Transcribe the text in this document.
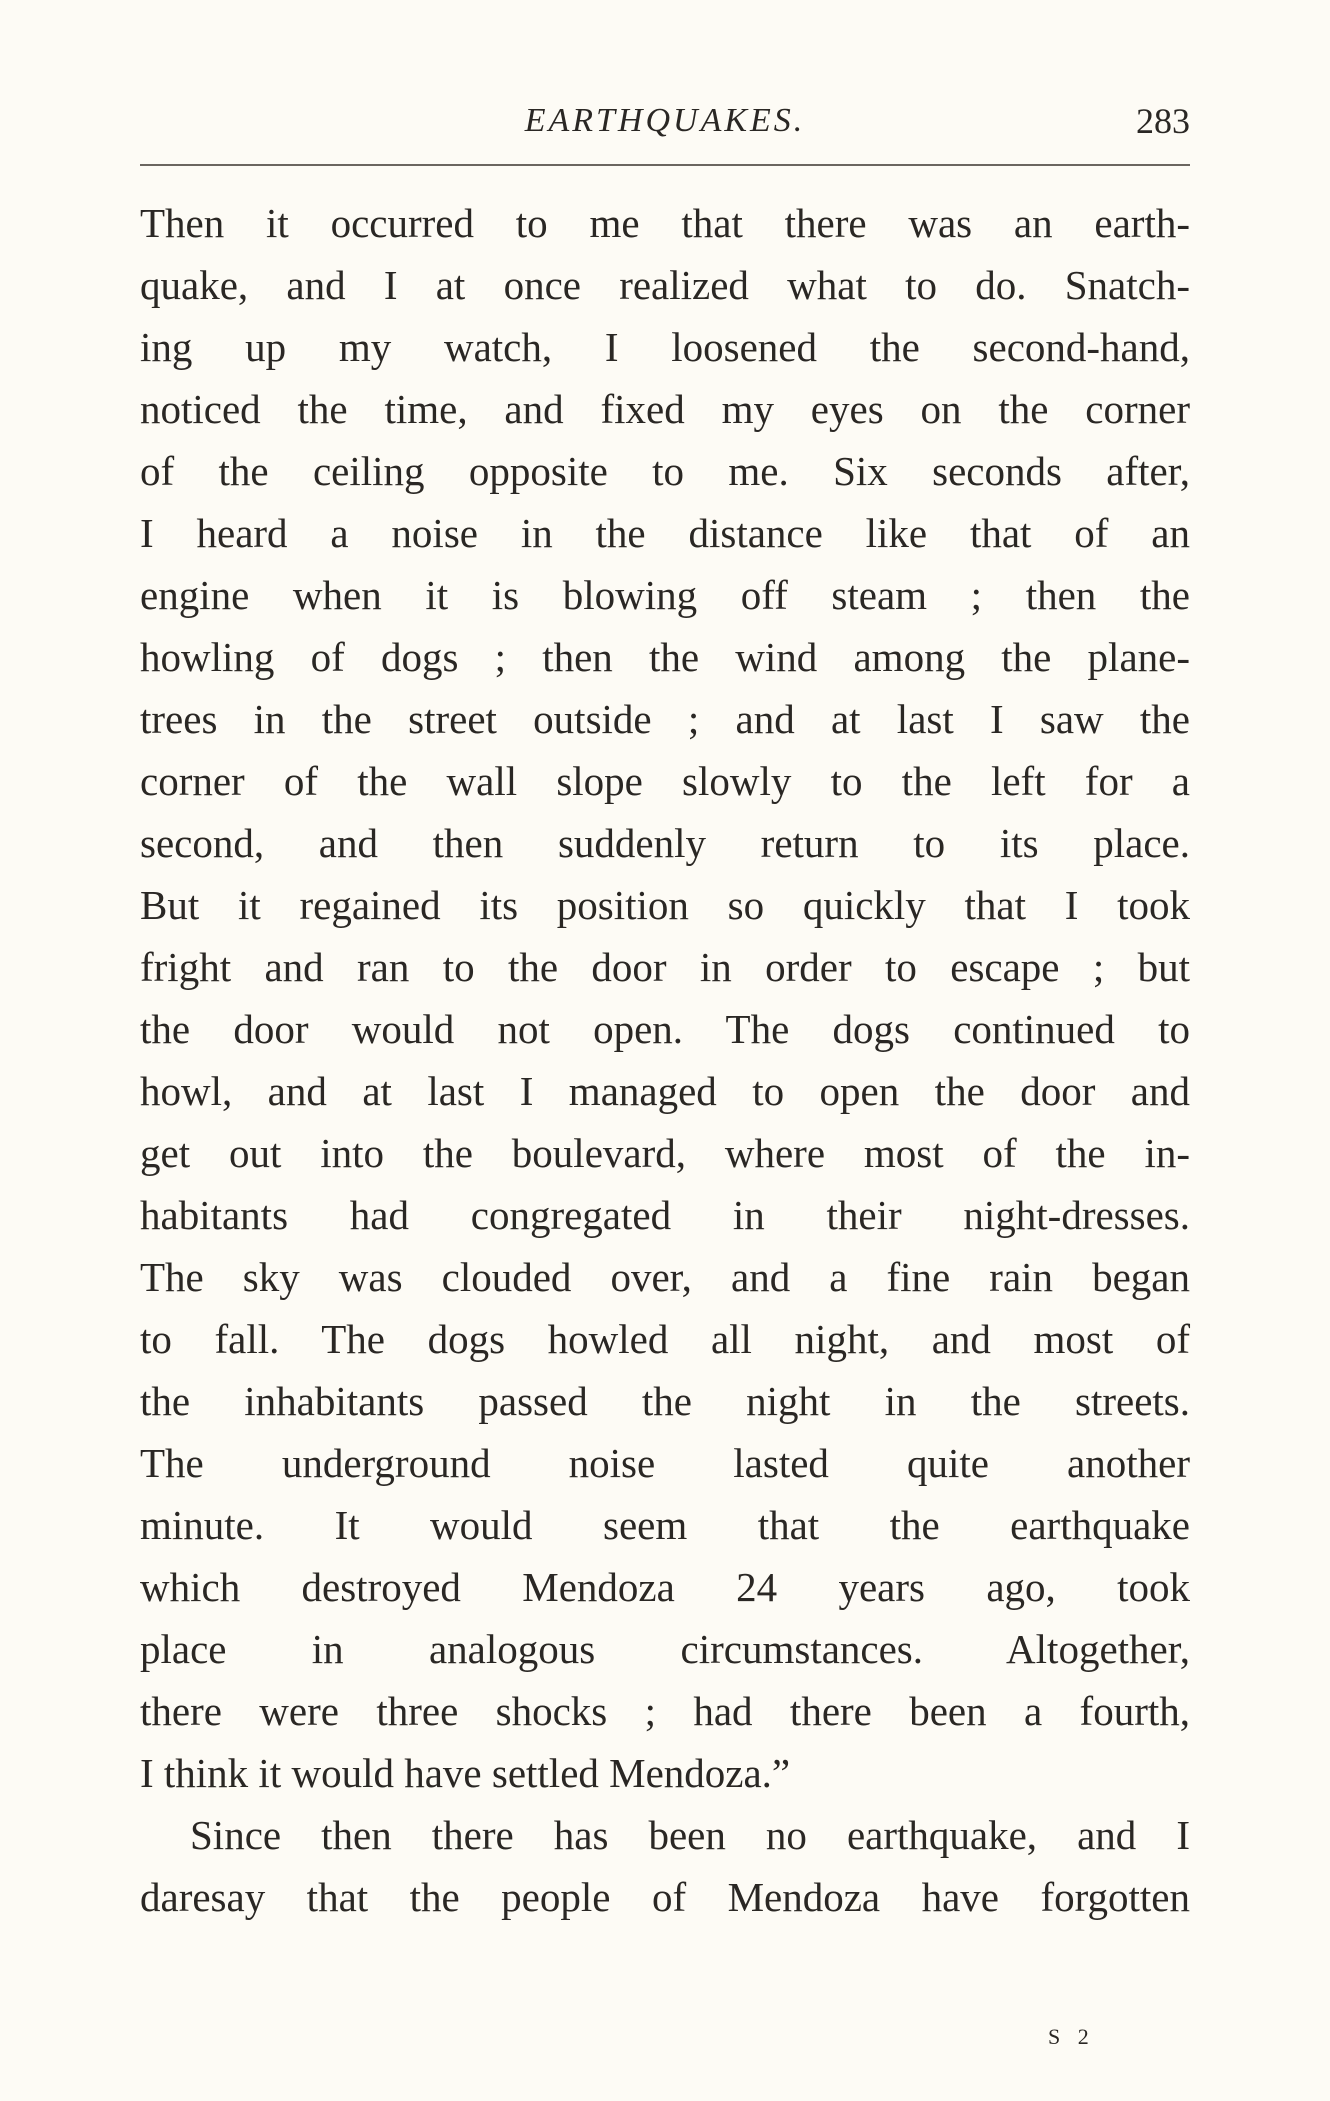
EARTHQUAKES.	283
Then it occurred to me that there was an earth-
quake, and I at once realized what to do. Snatch-
ing up my watch, I loosened the second-hand,
noticed the time, and fixed my eyes on the corner
of the ceiling opposite to me. Six seconds after,
I heard a noise in the distance like that of an
engine when it is blowing off steam ; then the
howling of dogs ; then the wind among the plane-
trees in the street outside ; and at last I saw the
corner of the wall slope slowly to the left for a
second, and then suddenly return to its place.
But it regained its position so quickly that I took
fright and ran to the door in order to escape ; but
the door would not open. The dogs continued to
howl, and at last I managed to open the door and
get out into the boulevard, where most of the in-
habitants had congregated in their night-dresses.
The sky was clouded over, and a fine rain began
to fall. The dogs howled all night, and most of
the inhabitants passed the night in the streets.
The underground noise lasted quite another
minute. It would seem that the earthquake
which destroyed Mendoza 24 years ago, took
place in analogous circumstances. Altogether,
there were three shocks ; had there been a fourth,
I think it would have settled Mendoza.”
Since then there has been no earthquake, and I
daresay that the people of Mendoza have forgotten
S 2
